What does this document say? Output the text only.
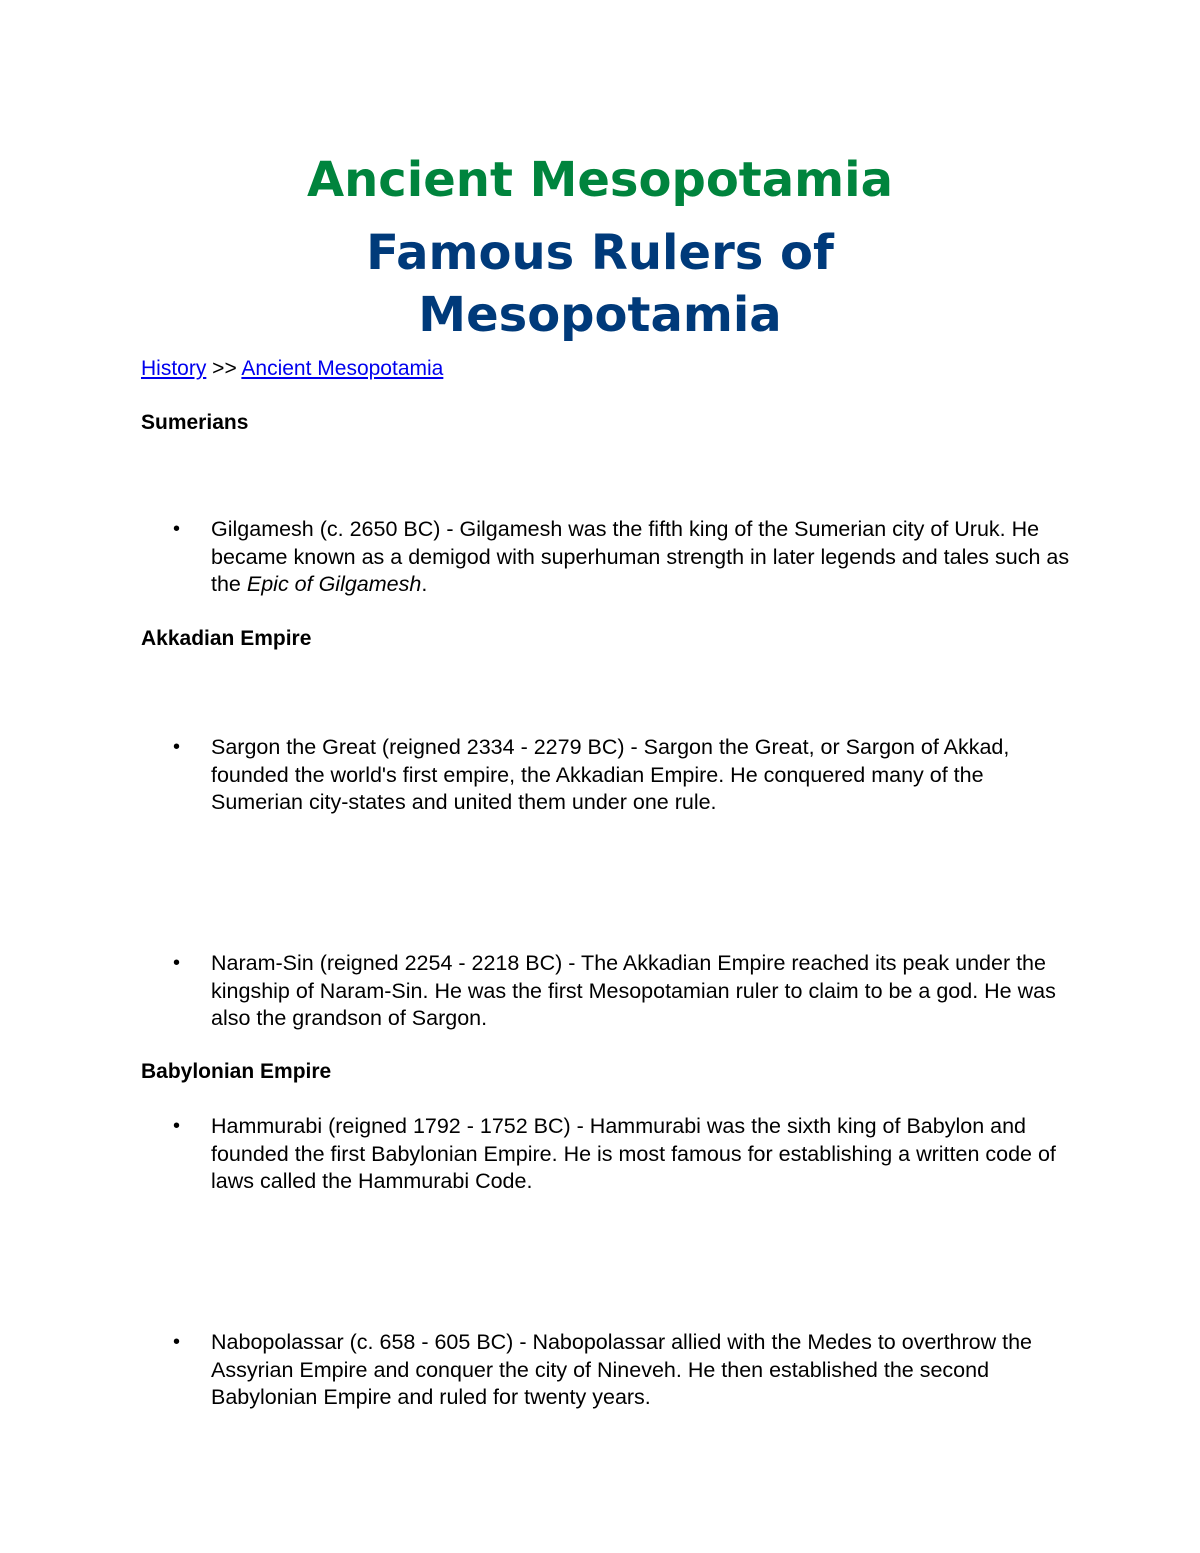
Ancient Mesopotamia
Famous Rulers of Mesopotamia
History >> Ancient Mesopotamia
Sumerians
• Gilgamesh (c. 2650 BC) - Gilgamesh was the fifth king of the Sumerian city of Uruk. He became known as a demigod with superhuman strength in later legends and tales such as the Epic of Gilgamesh.
Akkadian Empire
• Sargon the Great (reigned 2334 - 2279 BC) - Sargon the Great, or Sargon of Akkad, founded the world's first empire, the Akkadian Empire. He conquered many of the Sumerian city-states and united them under one rule.
• Naram-Sin (reigned 2254 - 2218 BC) - The Akkadian Empire reached its peak under the kingship of Naram-Sin. He was the first Mesopotamian ruler to claim to be a god. He was also the grandson of Sargon.
Babylonian Empire
• Hammurabi (reigned 1792 - 1752 BC) - Hammurabi was the sixth king of Babylon and founded the first Babylonian Empire. He is most famous for establishing a written code of laws called the Hammurabi Code.
• Nabopolassar (c. 658 - 605 BC) - Nabopolassar allied with the Medes to overthrow the Assyrian Empire and conquer the city of Nineveh. He then established the second Babylonian Empire and ruled for twenty years.
